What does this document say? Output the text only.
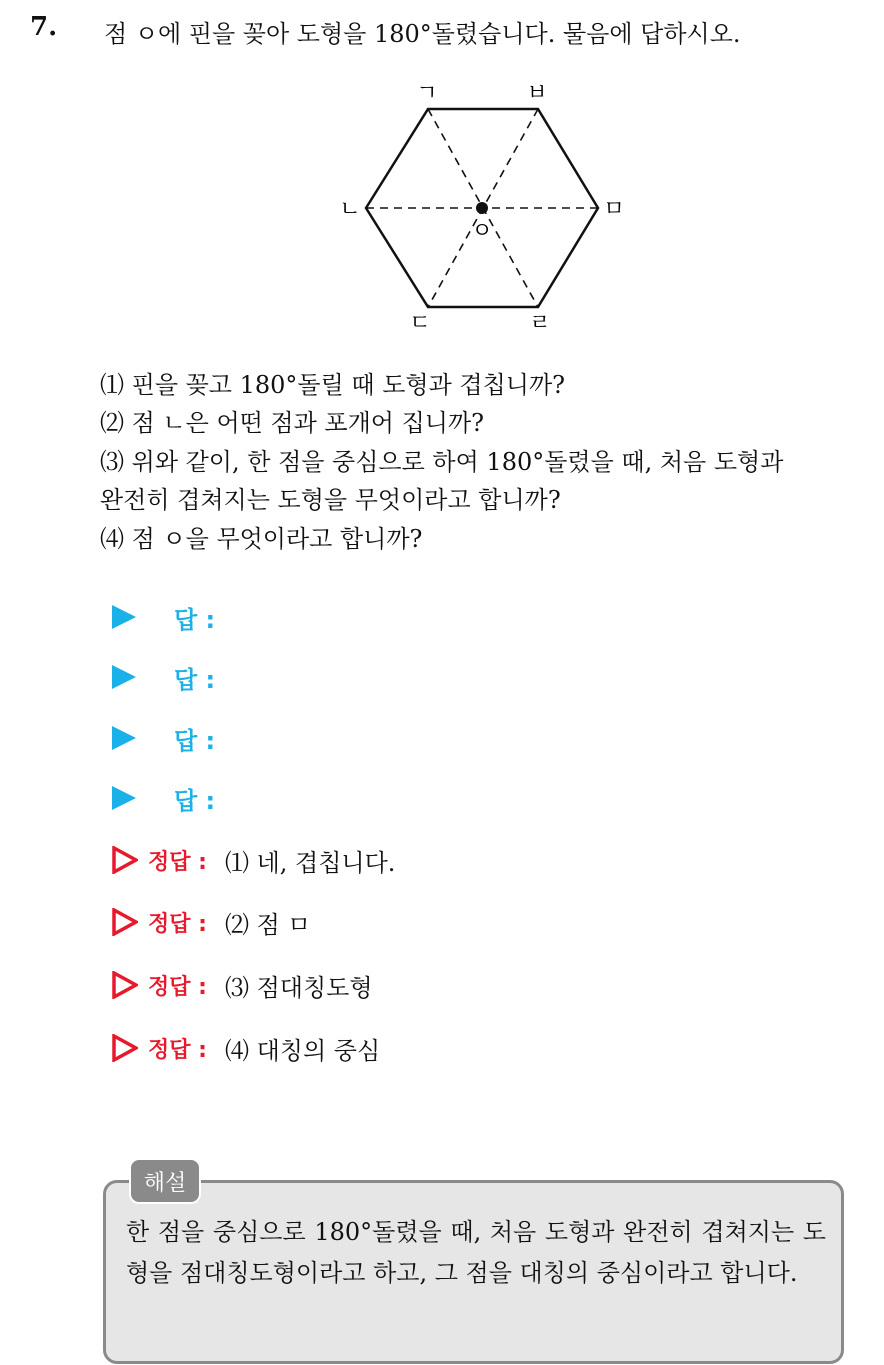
7. 점 ㅇ에 핀을 꽂아 도형을 180°돌렸습니다. 물음에 답하시오.
ㄱ	ㅂ
ㄴ	ㅁ
ㄷ	ㄹ
ㅇ
⑴ 핀을 꽂고 180°돌릴 때 도형과 겹칩니까?
⑵ 점 ㄴ은 어떤 점과 포개어 집니까?
⑶ 위와 같이, 한 점을 중심으로 하여 180°돌렸을 때, 처음 도형과
완전히 겹쳐지는 도형을 무엇이라고 합니까?
⑷ 점 ㅇ을 무엇이라고 합니까?
답 :
답 :
답 :
답 :
정답 : ⑴ 네, 겹칩니다.
정답 : ⑵ 점 ㅁ
정답 : ⑶ 점대칭도형
정답 : ⑷ 대칭의 중심
해설
한 점을 중심으로 180°돌렸을 때, 처음 도형과 완전히 겹쳐지는 도형을 점대칭도형이라고 하고, 그 점을 대칭의 중심이라고 합니다.
